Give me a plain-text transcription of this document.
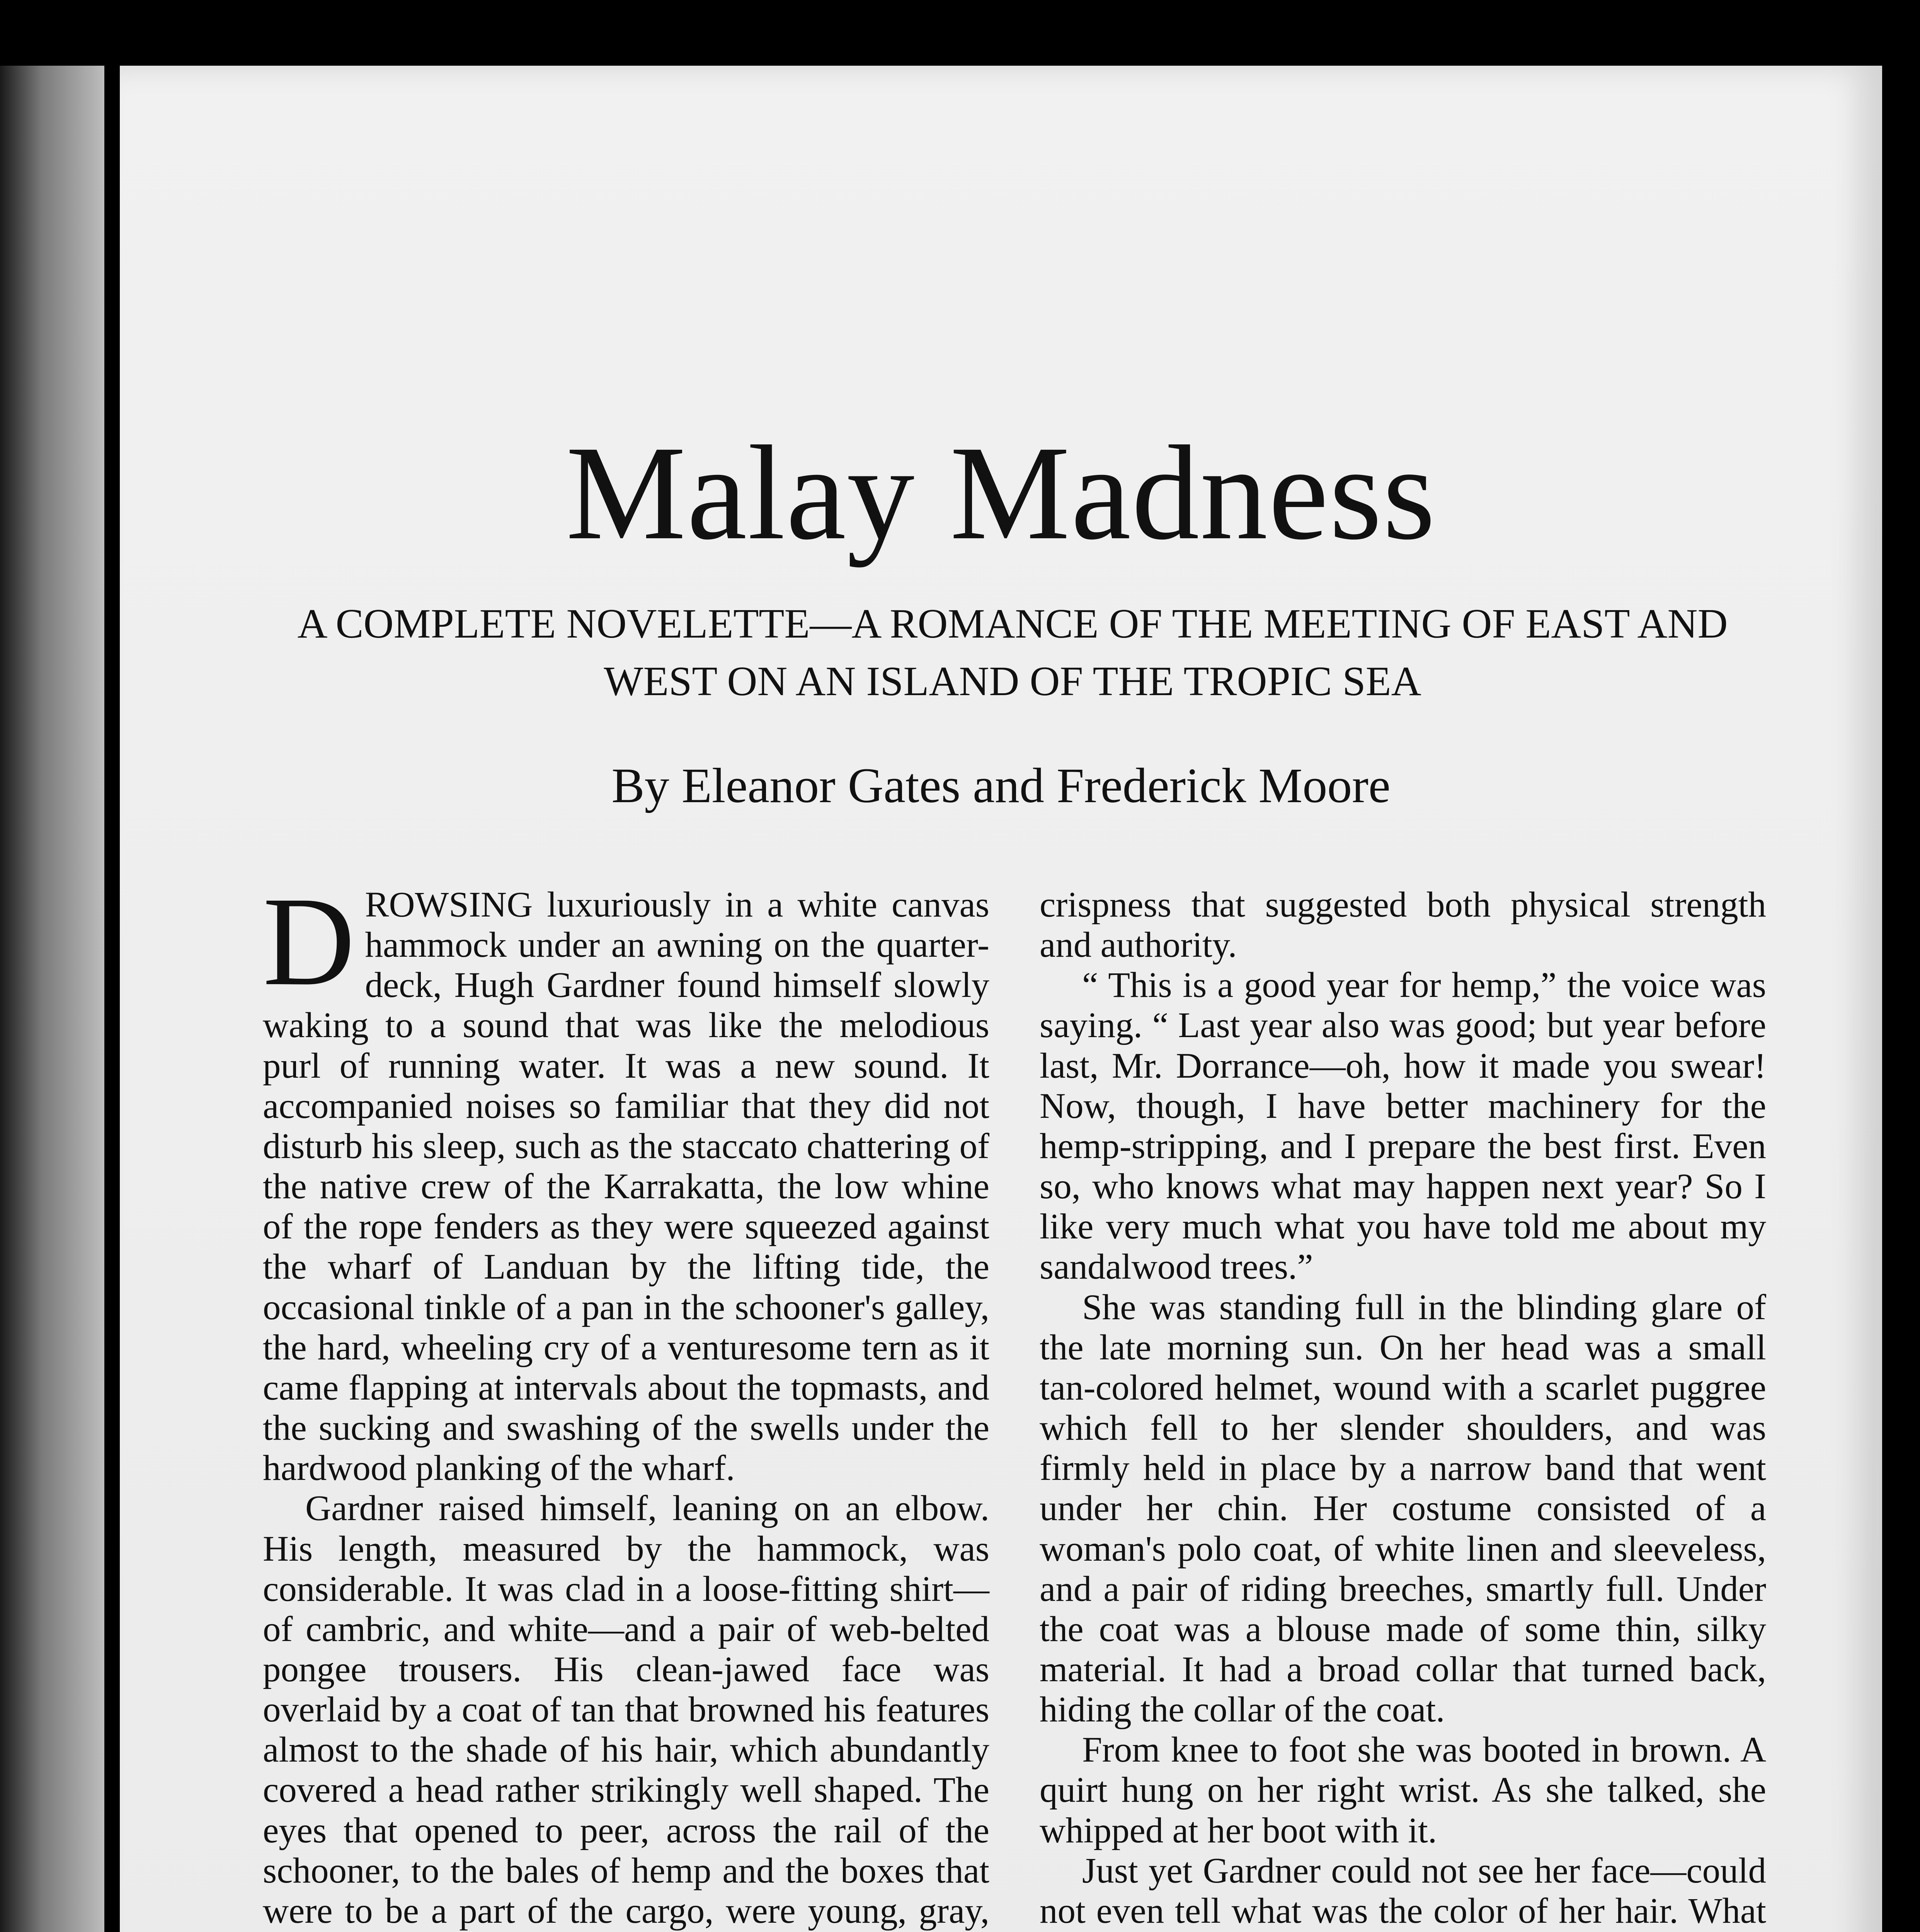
Malay Madness
A COMPLETE NOVELETTE—A ROMANCE OF THE MEETING OF EAST AND WEST ON AN ISLAND OF THE TROPIC SEA
By Eleanor Gates and Frederick Moore

DROWSING luxuriously in a white canvas hammock under an awning on the quarter-deck, Hugh Gardner found himself slowly waking to a sound that was like the melodious purl of running water. It was a new sound. It accompanied noises so familiar that they did not disturb his sleep, such as the staccato chattering of the native crew of the Karrakatta, the low whine of the rope fenders as they were squeezed against the wharf of Landuan by the lifting tide, the occasional tinkle of a pan in the schooner's galley, the hard, wheeling cry of a venturesome tern as it came flapping at intervals about the topmasts, and the sucking and swashing of the swells under the hardwood planking of the wharf.

Gardner raised himself, leaning on an elbow. His length, measured by the hammock, was considerable. It was clad in a loose-fitting shirt—of cambric, and white—and a pair of web-belted pongee trousers. His clean-jawed face was overlaid by a coat of tan that browned his features almost to the shade of his hair, which abundantly covered a head rather strikingly well shaped. The eyes that opened to peer, across the rail of the schooner, to the bales of hemp and the boxes that were to be a part of the cargo, were young, gray,

crispness that suggested both physical strength and authority.

“ This is a good year for hemp,” the voice was saying. “ Last year also was good; but year before last, Mr. Dorrance—oh, how it made you swear! Now, though, I have better machinery for the hemp-stripping, and I prepare the best first. Even so, who knows what may happen next year? So I like very much what you have told me about my sandalwood trees.”

She was standing full in the blinding glare of the late morning sun. On her head was a small tan-colored helmet, wound with a scarlet puggree which fell to her slender shoulders, and was firmly held in place by a narrow band that went under her chin. Her costume consisted of a woman's polo coat, of white linen and sleeveless, and a pair of riding breeches, smartly full. Under the coat was a blouse made of some thin, silky material. It had a broad collar that turned back, hiding the collar of the coat.

From knee to foot she was booted in brown. A quirt hung on her right wrist. As she talked, she whipped at her boot with it.

Just yet Gardner could not see her face—could not even tell what was the color of her hair. What
